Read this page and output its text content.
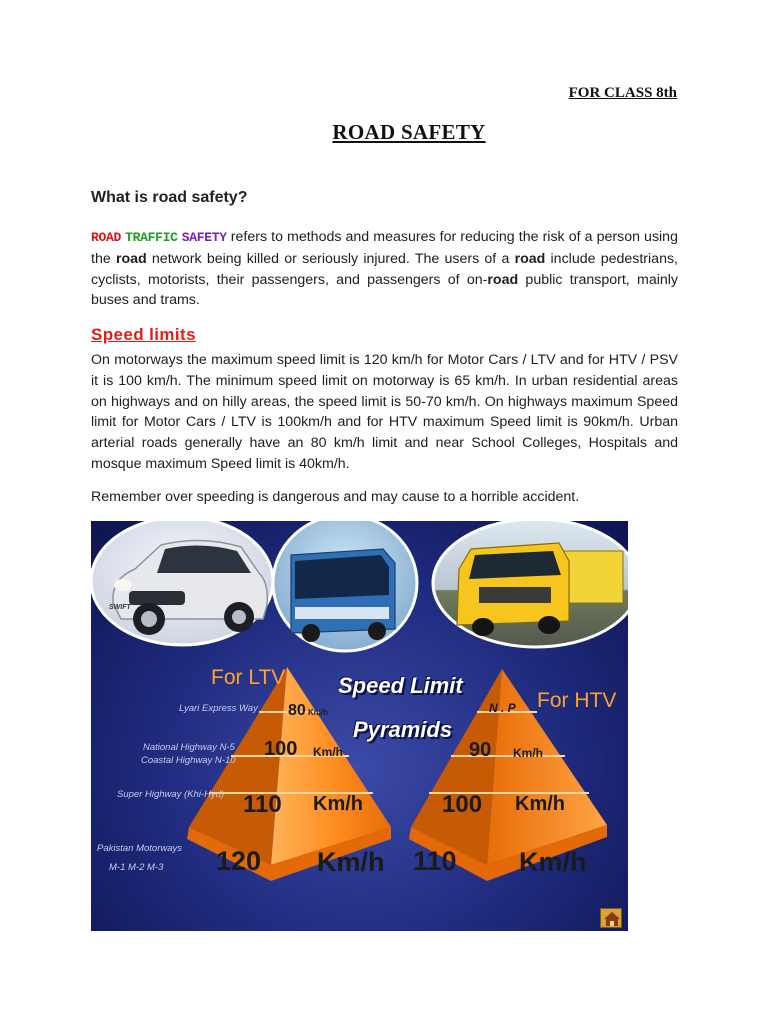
FOR CLASS 8th
ROAD SAFETY
What is road safety?
ROAD TRAFFIC SAFETY refers to methods and measures for reducing the risk of a person using the road network being killed or seriously injured. The users of a road include pedestrians, cyclists, motorists, their passengers, and passengers of on-road public transport, mainly buses and trams.
Speed limits
On motorways the maximum speed limit is 120 km/h for Motor Cars / LTV and for HTV / PSV it is 100 km/h. The minimum speed limit on motorway is 65 km/h. In urban residential areas on highways and on hilly areas, the speed limit is 50-70 km/h. On highways maximum Speed limit for Motor Cars / LTV is 100km/h and for HTV maximum Speed limit is 90km/h. Urban arterial roads generally have an 80 km/h limit and near School Colleges, Hospitals and mosque maximum Speed limit is 40km/h.
Remember over speeding is dangerous and may cause to a horrible accident.
SWIFT
For LTV
For HTV
Speed Limit
Pyramids
Lyari Express Way
National Highway N-5
Coastal Highway N-10
Super Highway (Khi-Hyd)
Pakistan Motorways
M-1 M-2 M-3
80 Km/h
100 Km/h
110 Km/h
120 Km/h
N . P
90 Km/h
100 Km/h
110 Km/h
